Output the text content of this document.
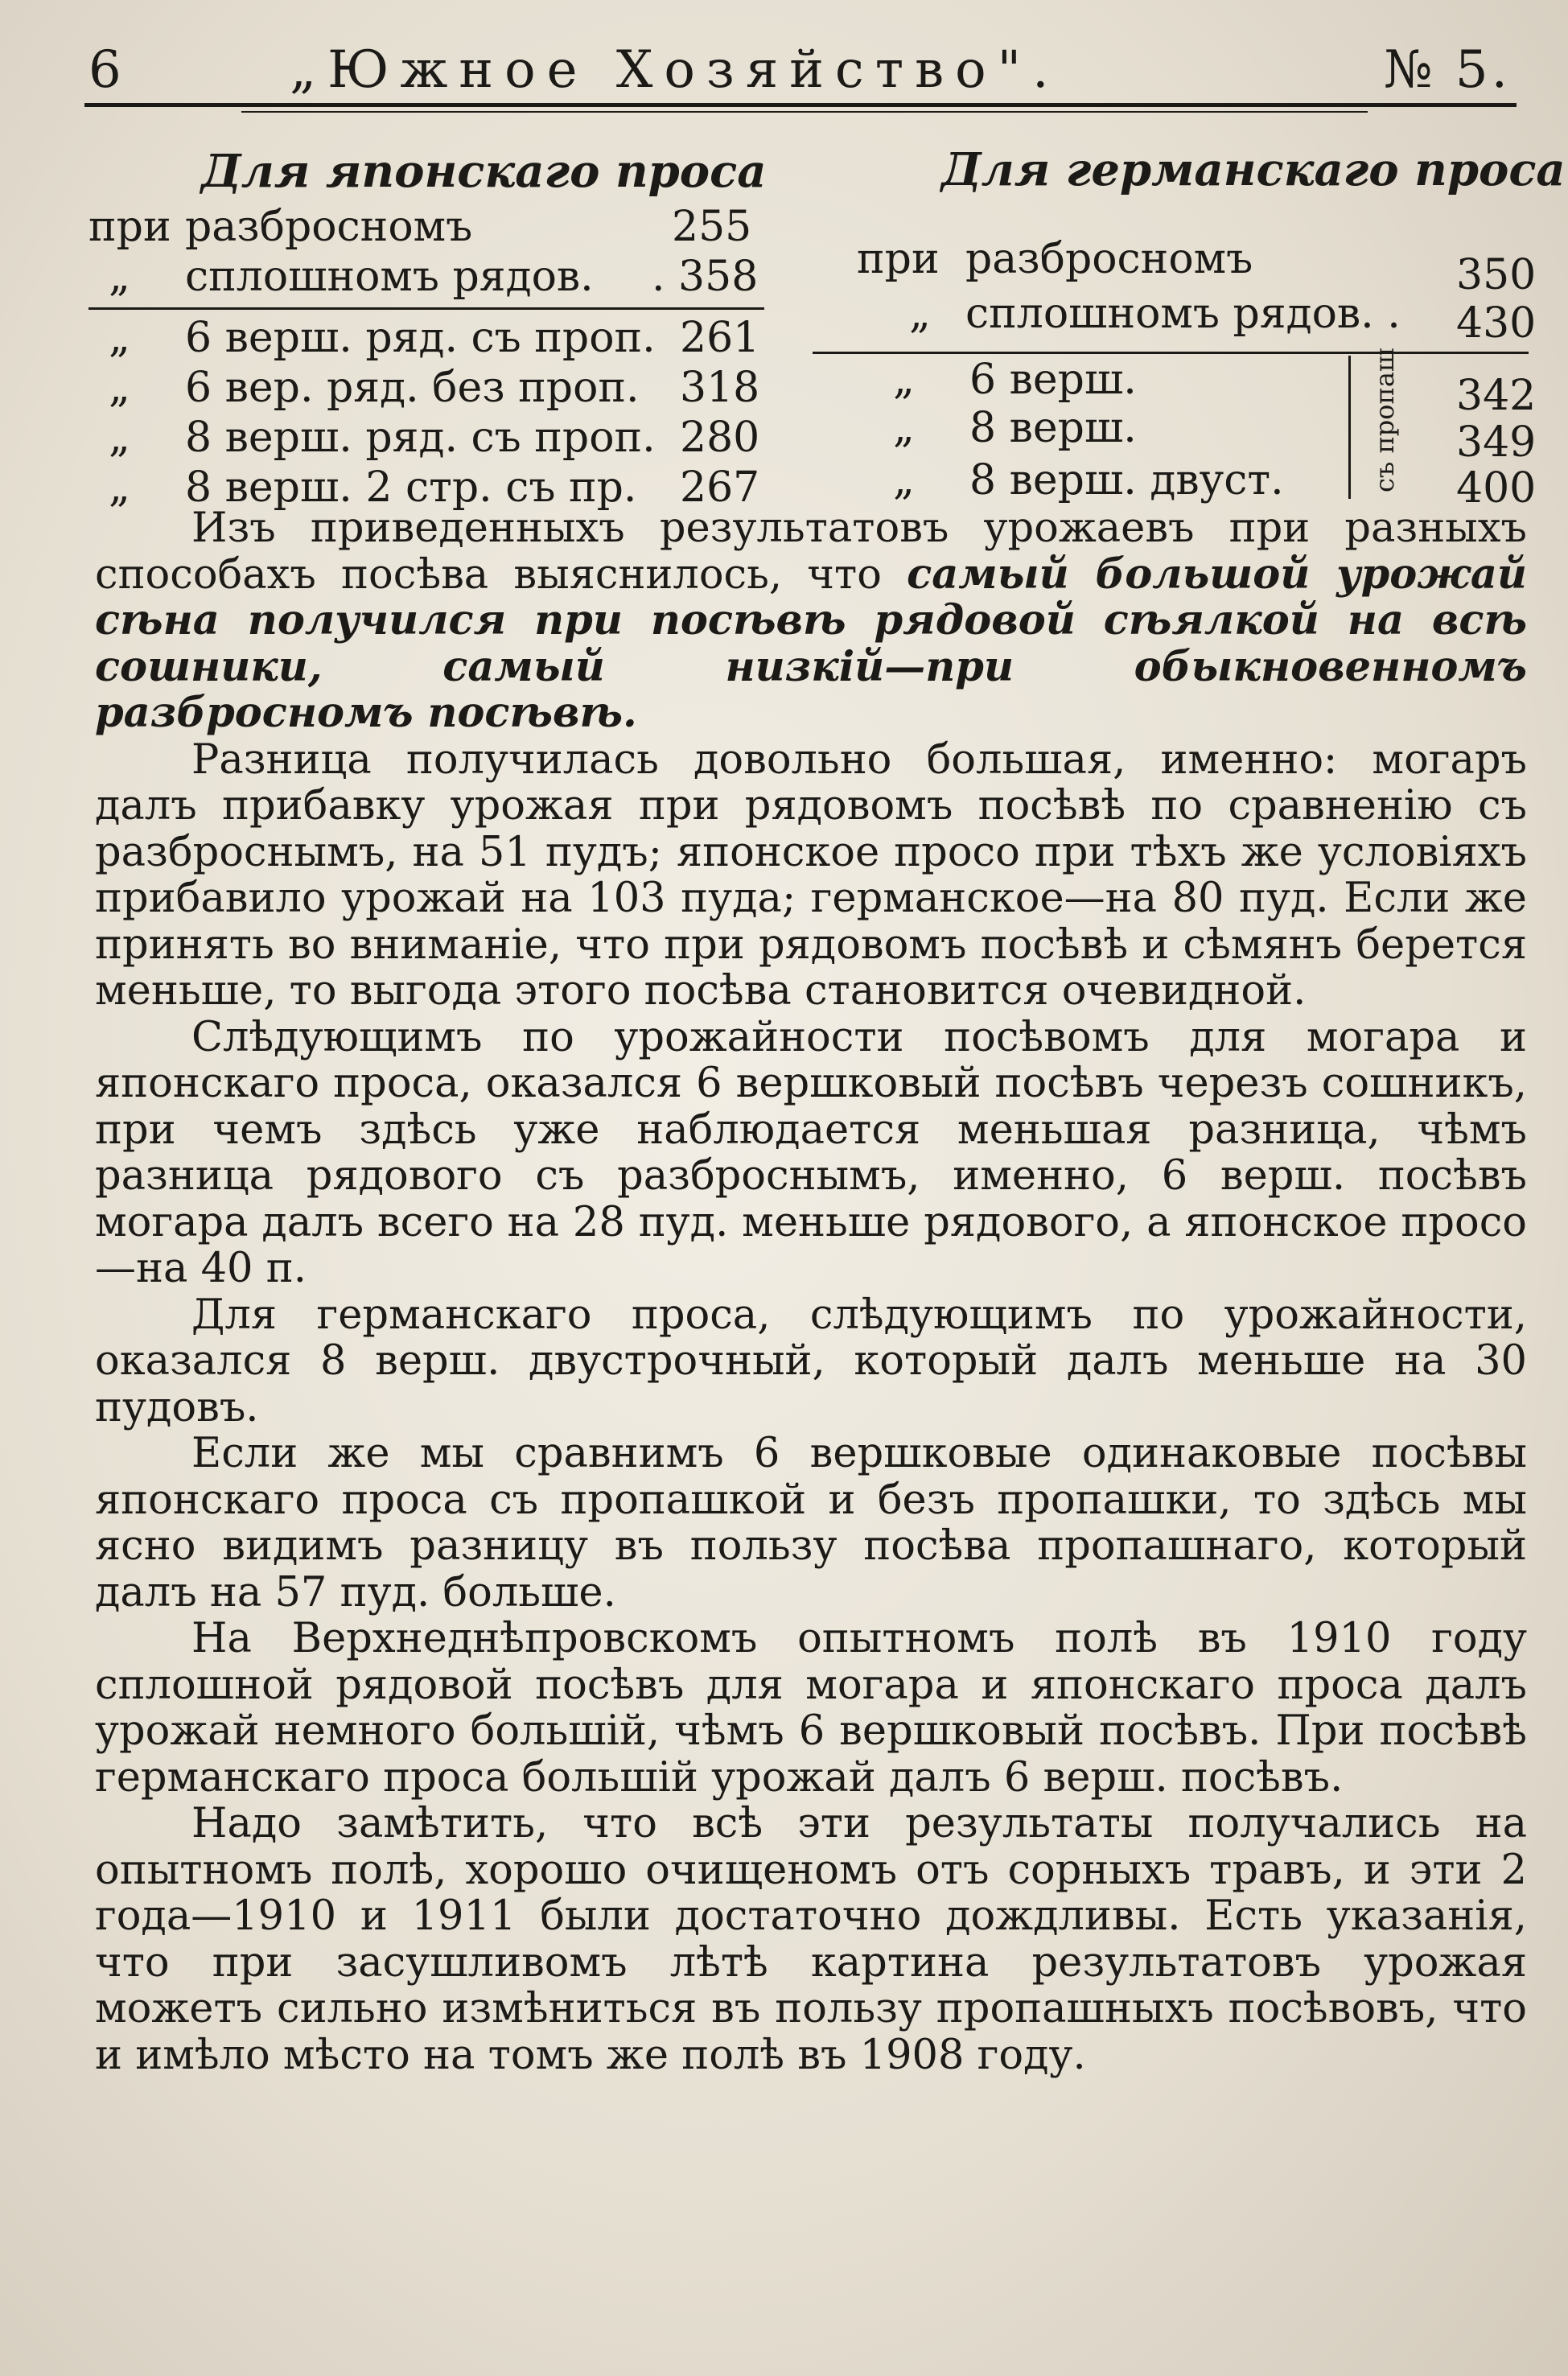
6	„Южное Хозяйство".	№ 5.
Для японскаго проса
при разбросномъ	255
„ сплошномъ рядов. . 358
„ 6 верш. ряд. съ проп. 261
„ 6 вер. ряд. без проп. 318
„ 8 верш. ряд. съ проп. 280
„ 8 верш. 2 стр. съ пр. 267
Для германскаго проса
при разбросномъ	350
„ сплошномъ рядов. . 430
„ 6 верш.	342
„ 8 верш.	349
„ 8 верш. двуст.	400
съ пропаш

Изъ приведенныхъ результатовъ урожаевъ при разныхъ способахъ посѣва выяснилось, что самый большой урожай сѣна получился при посѣвѣ рядовой сѣялкой на всѣ сошники, самый низкій—при обыкновенномъ разбросномъ посѣвѣ.

Разница получилась довольно большая, именно: могаръ далъ прибавку урожая при рядовомъ посѣвѣ по сравненію съ разброснымъ, на 51 пудъ; японское просо при тѣхъ же условіяхъ прибавило урожай на 103 пуда; германское—на 80 пуд. Если же принять во вниманіе, что при рядовомъ посѣвѣ и сѣмянъ берется меньше, то выгода этого посѣва становится очевидной.

Слѣдующимъ по урожайности посѣвомъ для могара и японскаго проса, оказался 6 вершковый посѣвъ черезъ сошникъ, при чемъ здѣсь уже наблюдается меньшая разница, чѣмъ разница рядового съ разброснымъ, именно, 6 верш. посѣвъ могара далъ всего на 28 пуд. меньше рядового, а японское просо—на 40 п.

Для германскаго проса, слѣдующимъ по урожайности, оказался 8 верш. двустрочный, который далъ меньше на 30 пудовъ.

Если же мы сравнимъ 6 вершковые одинаковые посѣвы японскаго проса съ пропашкой и безъ пропашки, то здѣсь мы ясно видимъ разницу въ пользу посѣва пропашнаго, который далъ на 57 пуд. больше.

На Верхнеднѣпровскомъ опытномъ полѣ въ 1910 году сплошной рядовой посѣвъ для могара и японскаго проса далъ урожай немного большій, чѣмъ 6 вершковый посѣвъ. При посѣвѣ германскаго проса большій урожай далъ 6 верш. посѣвъ.

Надо замѣтить, что всѣ эти результаты получались на опытномъ полѣ, хорошо очищеномъ отъ сорныхъ травъ, и эти 2 года—1910 и 1911 были достаточно дождливы. Есть указанія, что при засушливомъ лѣтѣ картина результатовъ урожая можетъ сильно измѣниться въ пользу пропашныхъ посѣвовъ, что и имѣло мѣсто на томъ же полѣ въ 1908 году.
